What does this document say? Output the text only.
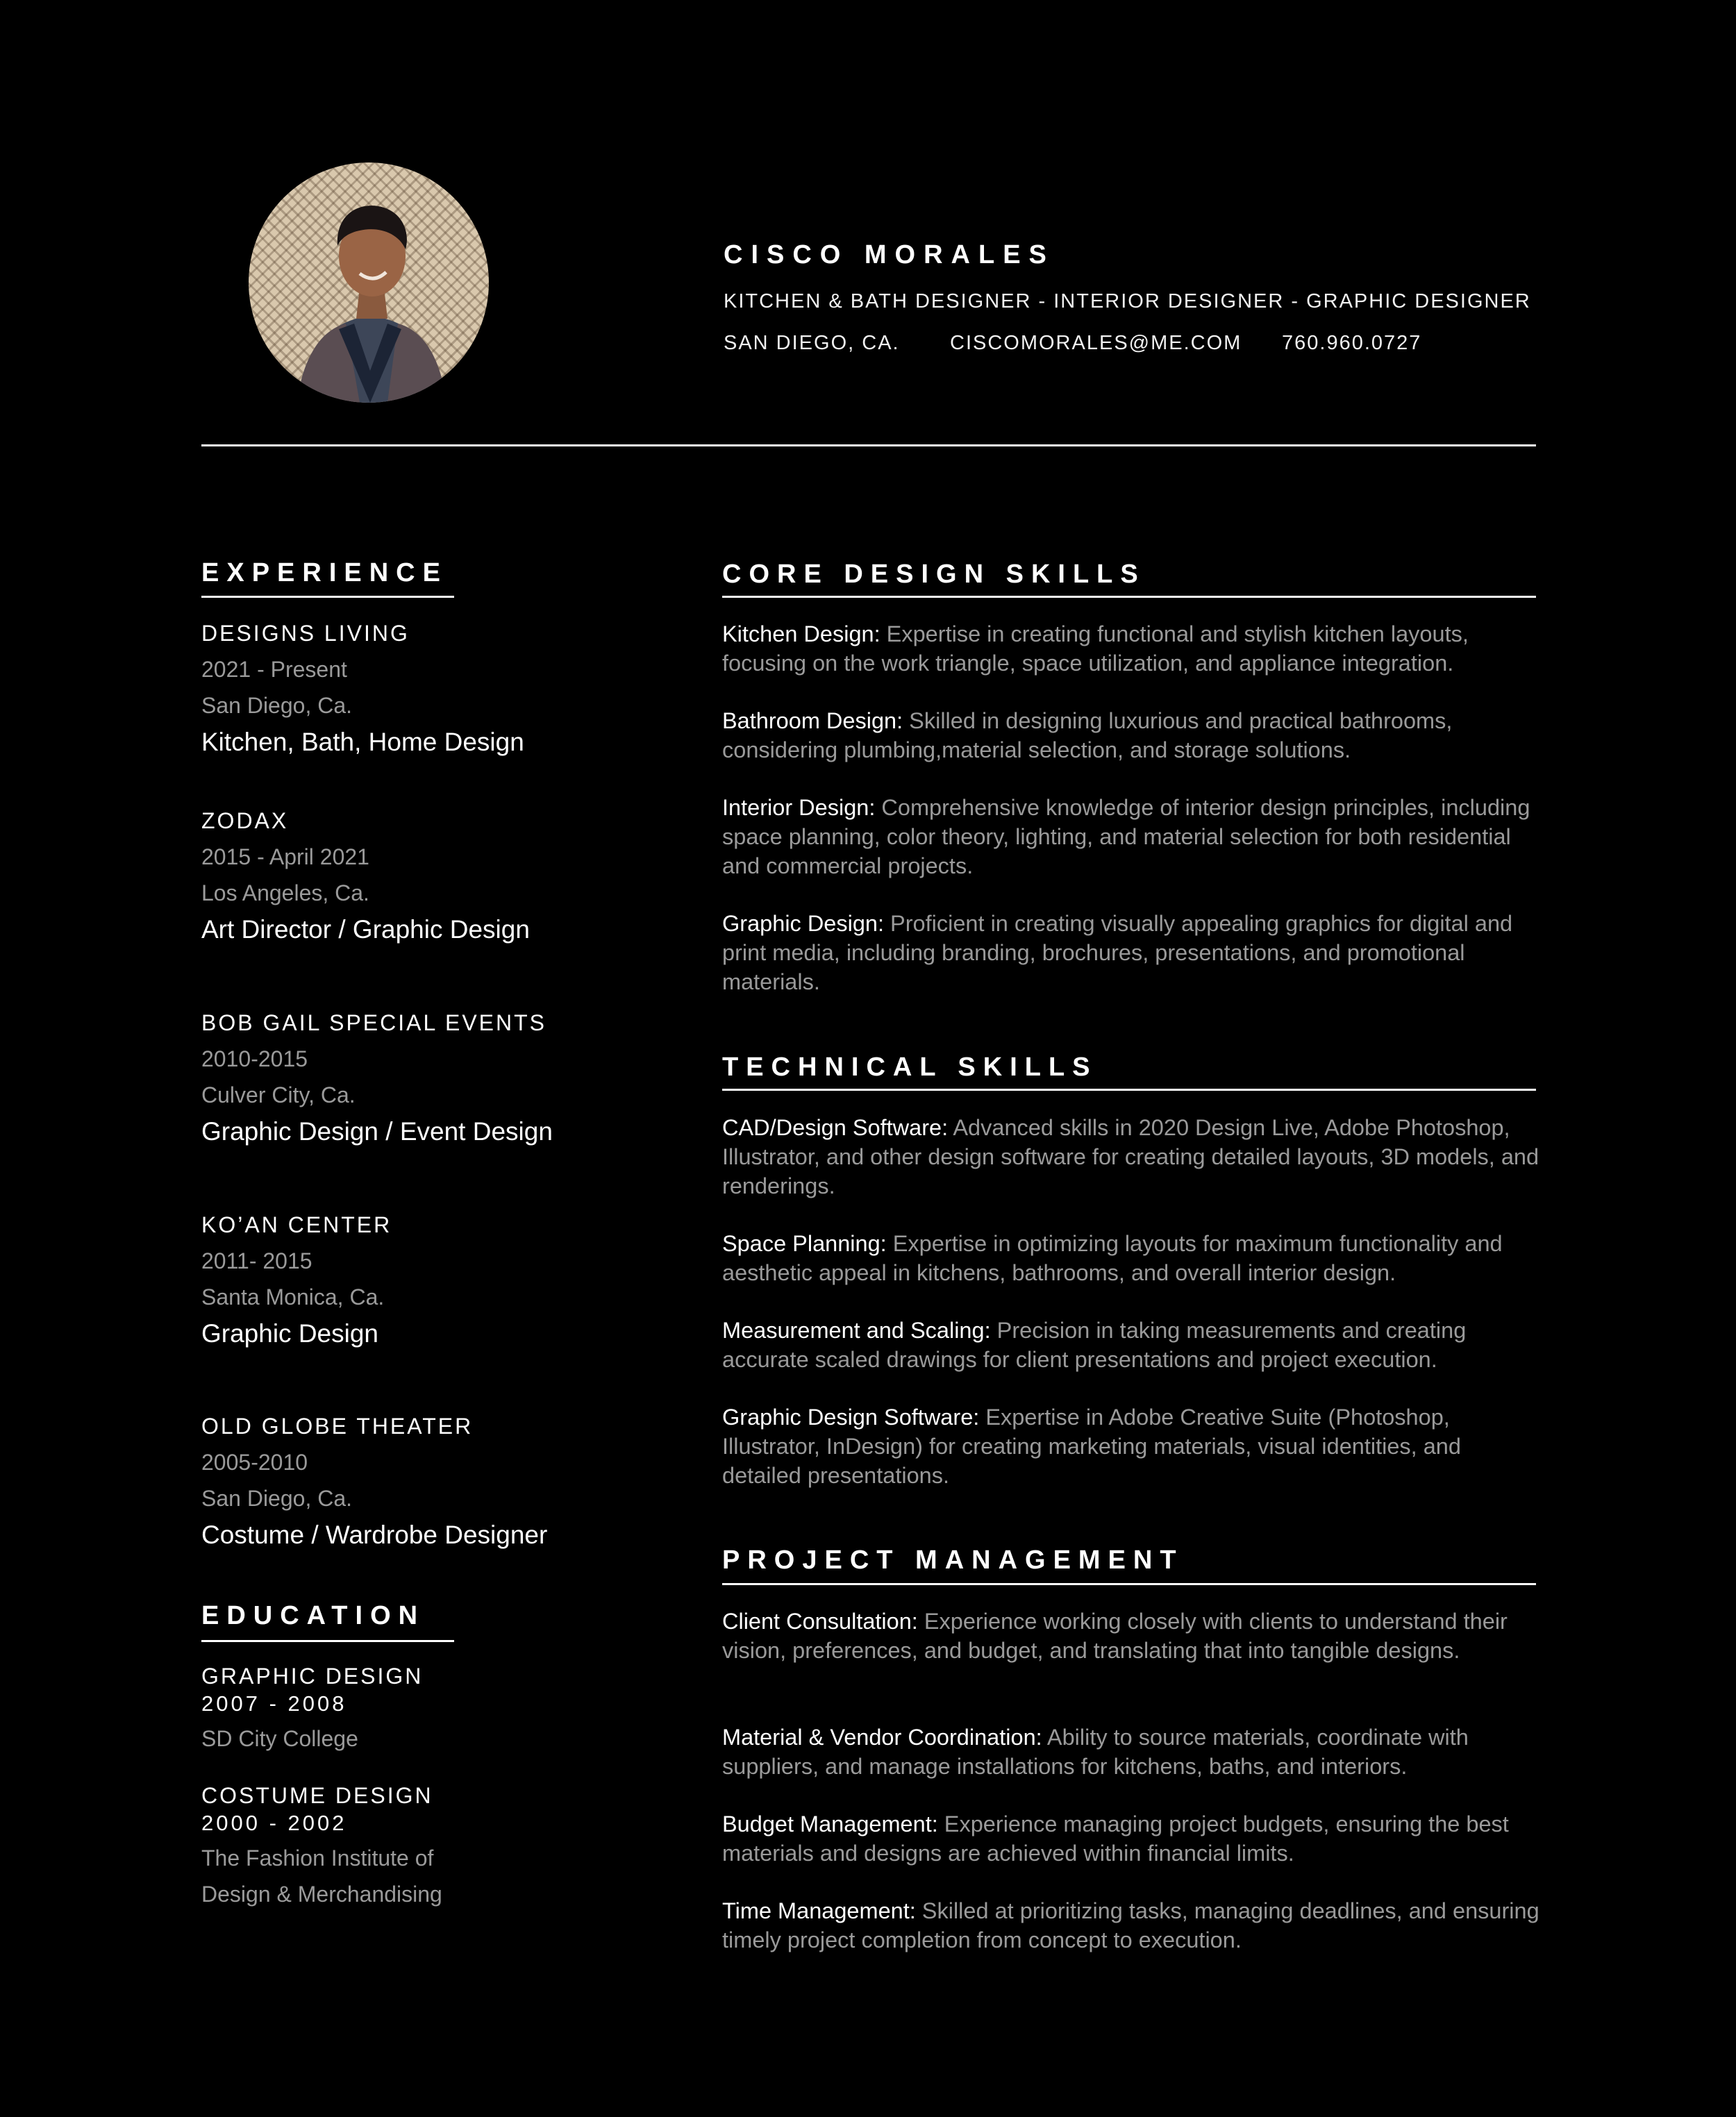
CISCO MORALES
KITCHEN & BATH DESIGNER - INTERIOR DESIGNER - GRAPHIC DESIGNER
SAN DIEGO, CA. CISCOMORALES@ME.COM 760.960.0727
EXPERIENCE
DESIGNS LIVING
2021 - Present
San Diego, Ca.
Kitchen, Bath, Home Design
ZODAX
2015 - April 2021
Los Angeles, Ca.
Art Director / Graphic Design
BOB GAIL SPECIAL EVENTS
2010-2015
Culver City, Ca.
Graphic Design / Event Design
KO’AN CENTER
2011- 2015
Santa Monica, Ca.
Graphic Design
OLD GLOBE THEATER
2005-2010
San Diego, Ca.
Costume / Wardrobe Designer
EDUCATION
GRAPHIC DESIGN
2007 - 2008
SD City College
COSTUME DESIGN
2000 - 2002
The Fashion Institute of
Design & Merchandising
CORE DESIGN SKILLS
Kitchen Design: Expertise in creating functional and stylish kitchen layouts, focusing on the work triangle, space utilization, and appliance integration.
Bathroom Design: Skilled in designing luxurious and practical bathrooms, considering plumbing,material selection, and storage solutions.
Interior Design: Comprehensive knowledge of interior design principles, including space planning, color theory, lighting, and material selection for both residential and commercial projects.
Graphic Design: Proficient in creating visually appealing graphics for digital and print media, including branding, brochures, presentations, and promotional materials.
TECHNICAL SKILLS
CAD/Design Software: Advanced skills in 2020 Design Live, Adobe Photoshop, Illustrator, and other design software for creating detailed layouts, 3D models, and renderings.
Space Planning: Expertise in optimizing layouts for maximum functionality and aesthetic appeal in kitchens, bathrooms, and overall interior design.
Measurement and Scaling: Precision in taking measurements and creating accurate scaled drawings for client presentations and project execution.
Graphic Design Software: Expertise in Adobe Creative Suite (Photoshop, Illustrator, InDesign) for creating marketing materials, visual identities, and detailed presentations.
PROJECT MANAGEMENT
Client Consultation: Experience working closely with clients to understand their vision, preferences, and budget, and translating that into tangible designs.
Material & Vendor Coordination: Ability to source materials, coordinate with suppliers, and manage installations for kitchens, baths, and interiors.
Budget Management: Experience managing project budgets, ensuring the best materials and designs are achieved within financial limits.
Time Management: Skilled at prioritizing tasks, managing deadlines, and ensuring timely project completion from concept to execution.
